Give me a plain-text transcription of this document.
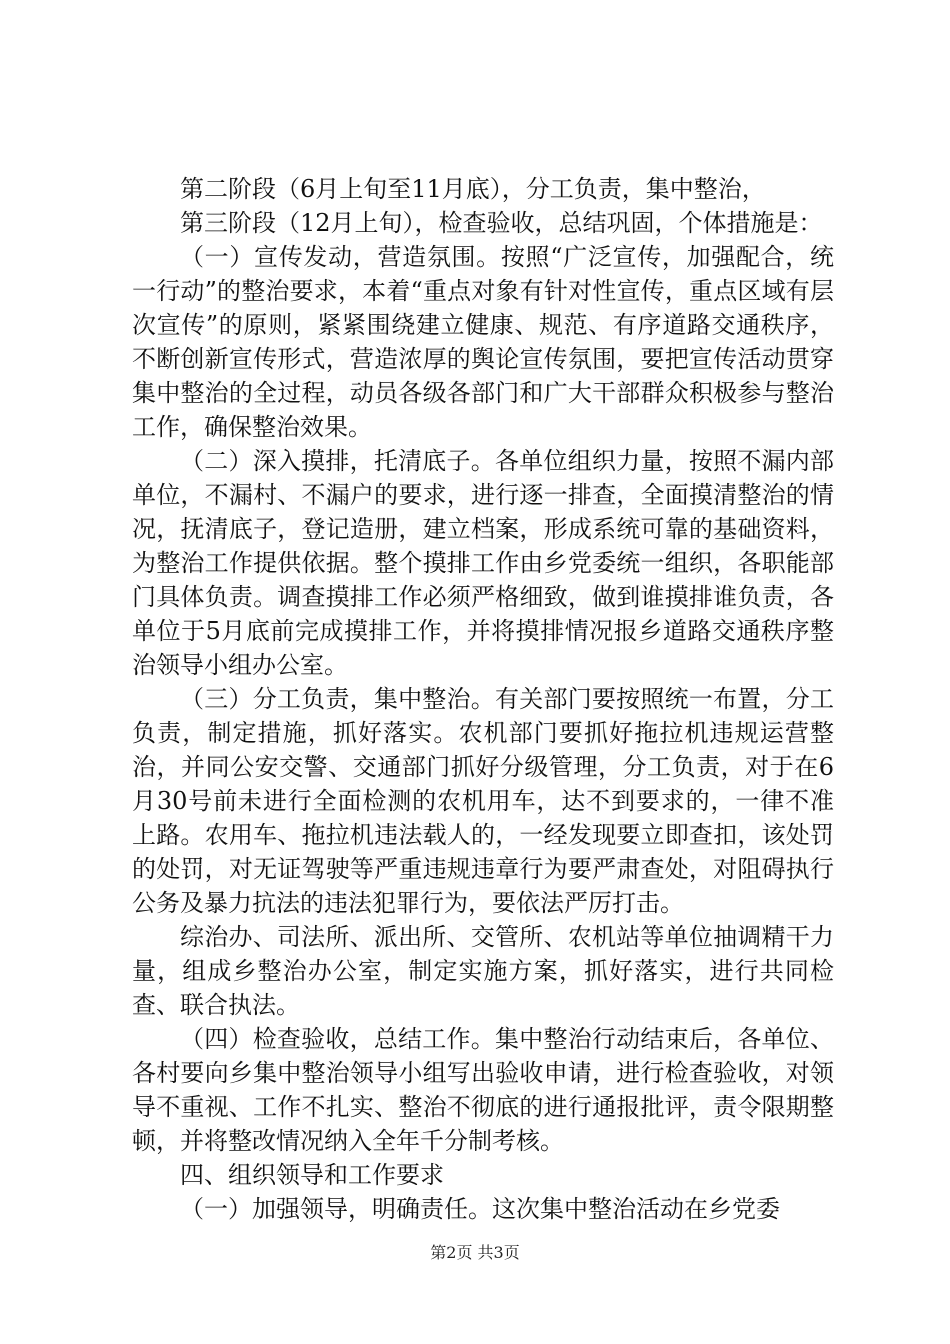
第二阶段（6月上旬至11月底），分工负责，集中整治，

第三阶段（12月上旬），检查验收，总结巩固，个体措施是：

（一）宣传发动，营造氛围。按照“广泛宣传，加强配合，统一行动”的整治要求，本着“重点对象有针对性宣传，重点区域有层次宣传”的原则，紧紧围绕建立健康、规范、有序道路交通秩序，不断创新宣传形式，营造浓厚的舆论宣传氛围，要把宣传活动贯穿集中整治的全过程，动员各级各部门和广大干部群众积极参与整治工作，确保整治效果。

（二）深入摸排，托清底子。各单位组织力量，按照不漏内部单位，不漏村、不漏户的要求，进行逐一排查，全面摸清整治的情况，抚清底子，登记造册，建立档案，形成系统可靠的基础资料，为整治工作提供依据。整个摸排工作由乡党委统一组织，各职能部门具体负责。调查摸排工作必须严格细致，做到谁摸排谁负责，各单位于5月底前完成摸排工作，并将摸排情况报乡道路交通秩序整治领导小组办公室。

（三）分工负责，集中整治。有关部门要按照统一布置，分工负责，制定措施，抓好落实。农机部门要抓好拖拉机违规运营整治，并同公安交警、交通部门抓好分级管理，分工负责，对于在6月30号前未进行全面检测的农机用车，达不到要求的，一律不准上路。农用车、拖拉机违法载人的，一经发现要立即查扣，该处罚的处罚，对无证驾驶等严重违规违章行为要严肃查处，对阻碍执行公务及暴力抗法的违法犯罪行为，要依法严厉打击。

综治办、司法所、派出所、交管所、农机站等单位抽调精干力量，组成乡整治办公室，制定实施方案，抓好落实，进行共同检查、联合执法。

（四）检查验收，总结工作。集中整治行动结束后，各单位、各村要向乡集中整治领导小组写出验收申请，进行检查验收，对领导不重视、工作不扎实、整治不彻底的进行通报批评，责令限期整顿，并将整改情况纳入全年千分制考核。

四、组织领导和工作要求

（一）加强领导，明确责任。这次集中整治活动在乡党委

第2页 共3页
